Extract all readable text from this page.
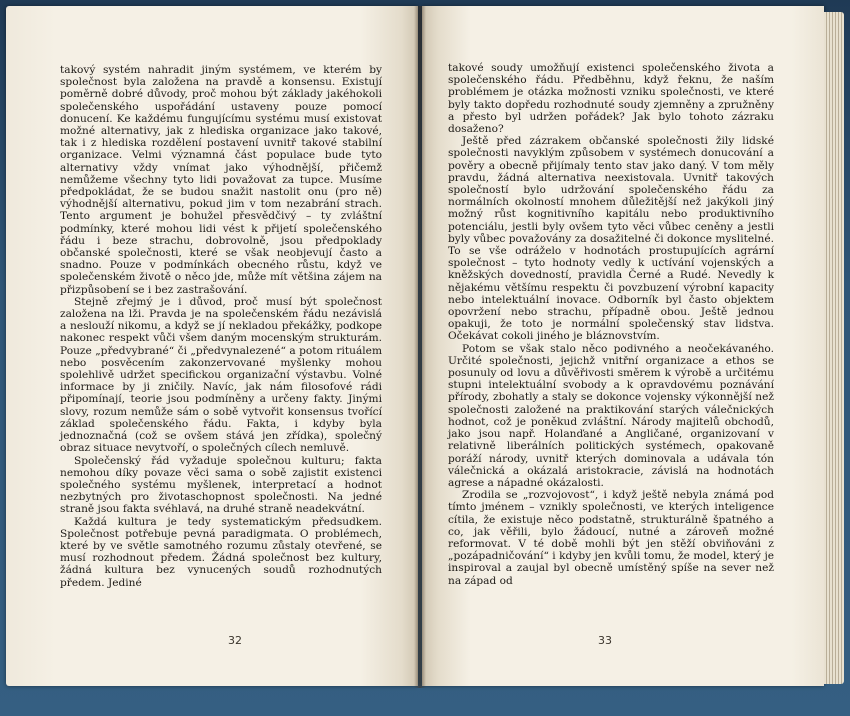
takový systém nahradit jiným systémem, ve kterém by společnost byla založena na pravdě a konsensu. Existují poměrně dobré důvody, proč mohou být základy jakéhokoli společenského uspořádání ustaveny pouze pomocí donucení. Ke každému fungujícímu systému musí existovat možné alternativy, jak z hlediska organizace jako takové, tak i z hlediska rozdělení postavení uvnitř takové stabilní organizace. Velmi významná část populace bude tyto alternativy vždy vnímat jako výhodnější, přičemž nemůžeme všechny tyto lidi považovat za tupce. Musíme předpokládat, že se budou snažit nastolit onu (pro ně) výhodnější alternativu, pokud jim v tom nezabrání strach. Tento argument je bohužel přesvědčivý – ty zvláštní podmínky, které mohou lidi vést k přijetí společenského řádu i beze strachu, dobrovolně, jsou předpoklady občanské společnosti, které se však neobjevují často a snadno. Pouze v podmínkách obecného růstu, když ve společenském životě o něco jde, může mít většina zájem na přizpůsobení se i bez zastrašování.

Stejně zřejmý je i důvod, proč musí být společnost založena na lži. Pravda je na společenském řádu nezávislá a neslouží nikomu, a když se jí nekladou překážky, podkope nakonec respekt vůči všem daným mocenským strukturám. Pouze „předvybrané“ či „předvynalezené“ a potom rituálem nebo posvěcením zakonzervované myšlenky mohou spolehlivě udržet specifickou organizační výstavbu. Volné informace by ji zničily. Navíc, jak nám filosofové rádi připomínají, teorie jsou podmíněny a určeny fakty. Jinými slovy, rozum nemůže sám o sobě vytvořit konsensus tvořící základ společenského řádu. Fakta, i kdyby byla jednoznačná (což se ovšem stává jen zřídka), společný obraz situace nevytvoří, o společných cílech nemluvě.

Společenský řád vyžaduje společnou kulturu; fakta nemohou díky povaze věci sama o sobě zajistit existenci společného systému myšlenek, interpretací a hodnot nezbytných pro životaschopnost společnosti. Na jedné straně jsou fakta svéhlavá, na druhé straně neadekvátní.

Každá kultura je tedy systematickým předsudkem. Společnost potřebuje pevná paradigmata. O problémech, které by ve světle samotného rozumu zůstaly otevřené, se musí rozhodnout předem. Žádná společnost bez kultury, žádná kultura bez vynucených soudů rozhodnutých předem. Jediné

32

takové soudy umožňují existenci společenského života a společenského řádu. Předběhnu, když řeknu, že naším problémem je otázka možnosti vzniku společnosti, ve které byly takto dopředu rozhodnuté soudy zjemněny a zpružněny a přesto byl udržen pořádek? Jak bylo tohoto zázraku dosaženo?

Ještě před zázrakem občanské společnosti žily lidské společnosti navyklým způsobem v systémech donucování a pověry a obecně přijímaly tento stav jako daný. V tom měly pravdu, žádná alternativa neexistovala. Uvnitř takových společností bylo udržování společenského řádu za normálních okolností mnohem důležitější než jakýkoli jiný možný růst kognitivního kapitálu nebo produktivního potenciálu, jestli byly ovšem tyto věci vůbec ceněny a jestli byly vůbec považovány za dosažitelné či dokonce myslitelné. To se vše odráželo v hodnotách prostupujících agrární společnost – tyto hodnoty vedly k uctívání vojenských a kněžských dovedností, pravidla Černé a Rudé. Nevedly k nějakému většímu respektu či povzbuzení výrobní kapacity nebo intelektuální inovace. Odborník byl často objektem opovržení nebo strachu, případně obou. Ještě jednou opakuji, že toto je normální společenský stav lidstva. Očekávat cokoli jiného je bláznovstvím.

Potom se však stalo něco podivného a neočekávaného. Určité společnosti, jejichž vnitřní organizace a ethos se posunuly od lovu a důvěřivosti směrem k výrobě a určitému stupni intelektuální svobody a k opravdovému poznávání přírody, zbohatly a staly se dokonce vojensky výkonnější než společnosti založené na praktikování starých válečnických hodnot, což je poněkud zvláštní. Národy majitelů obchodů, jako jsou např. Holanďané a Angličané, organizovaní v relativně liberálních politických systémech, opakovaně poráží národy, uvnitř kterých dominovala a udávala tón válečnická a okázalá aristokracie, závislá na hodnotách agrese a nápadné okázalosti.

Zrodila se „rozvojovost“, i když ještě nebyla známá pod tímto jménem – vznikly společnosti, ve kterých inteligence cítila, že existuje něco podstatně, strukturálně špatného a co, jak věřili, bylo žádoucí, nutné a zároveň možné reformovat. V té době mohli být jen stěží obviňováni z „pozápadničování“ i kdyby jen kvůli tomu, že model, který je inspiroval a zaujal byl obecně umístěný spíše na sever než na západ od

33
